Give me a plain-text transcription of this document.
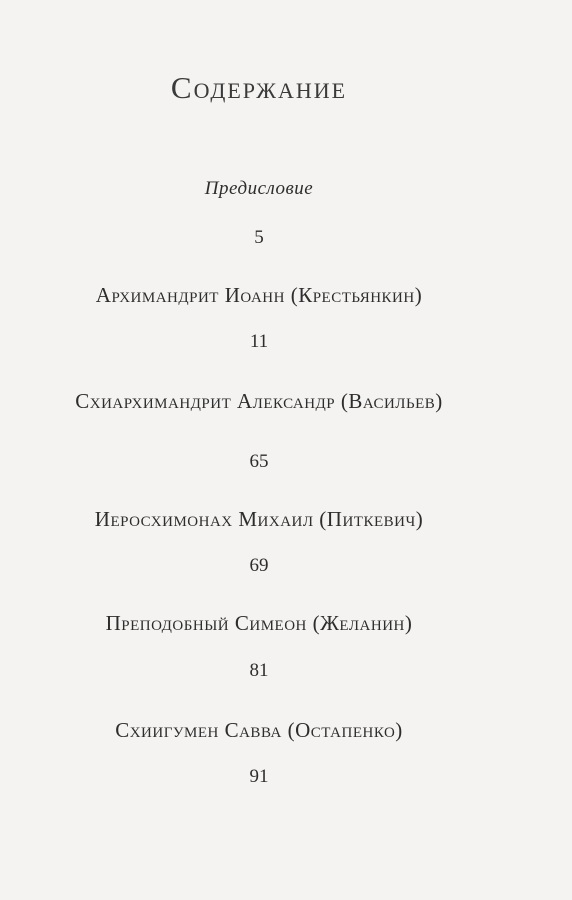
Содержание
Предисловие
5
Архимандрит Иоанн (Крестьянкин)
11
Схиархимандрит Александр (Васильев)
65
Иеросхимонах Михаил (Питкевич)
69
Преподобный Симеон (Желанин)
81
Схиигумен Савва (Остапенко)
91
